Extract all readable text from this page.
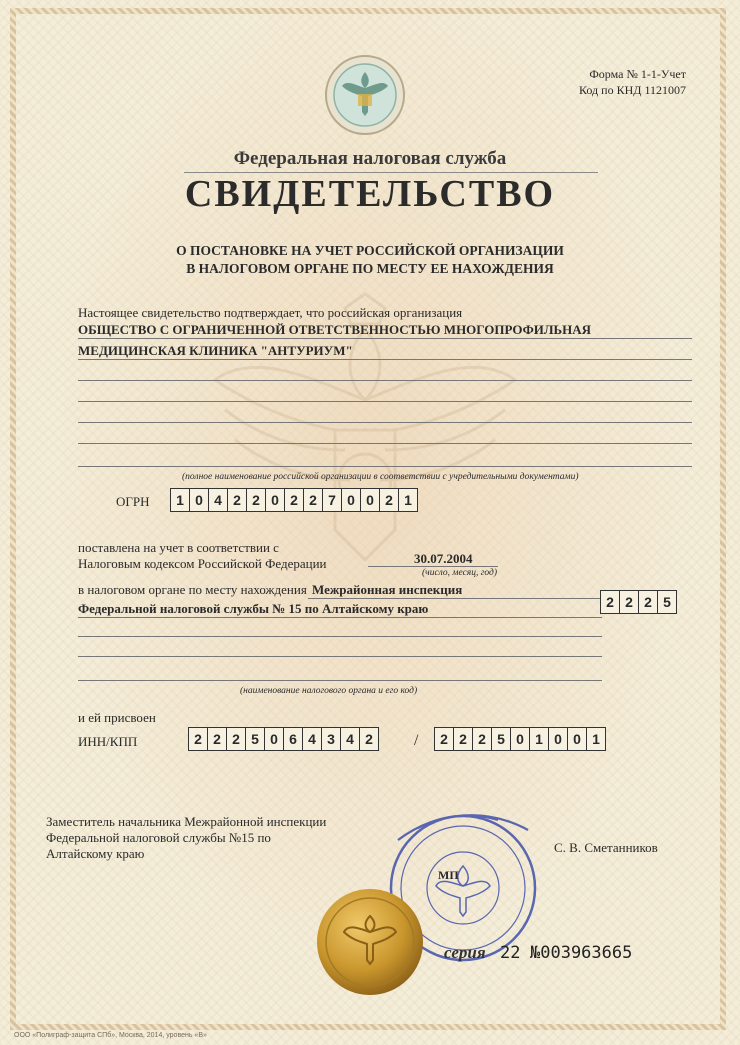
Форма № 1-1-Учет
Код по КНД 1121007
Федеральная налоговая служба
СВИДЕТЕЛЬСТВО
О ПОСТАНОВКЕ НА УЧЕТ РОССИЙСКОЙ ОРГАНИЗАЦИИ
В НАЛОГОВОМ ОРГАНЕ ПО МЕСТУ ЕЕ НАХОЖДЕНИЯ
Настоящее свидетельство подтверждает, что российская организация
ОБЩЕСТВО С ОГРАНИЧЕННОЙ ОТВЕТСТВЕННОСТЬЮ МНОГОПРОФИЛЬНАЯ
МЕДИЦИНСКАЯ КЛИНИКА "АНТУРИУМ"
(полное наименование российской организации в соответствии с учредительными документами)
ОГРН	1 0 4 2 2 0 2 2 7 0 0 2 1
поставлена на учет в соответствии с
Налоговым кодексом Российской Федерации	30.07.2004
(число, месяц, год)
в налоговом органе по месту нахождения Межрайонная инспекция
Федеральной налоговой службы № 15 по Алтайскому краю	2 2 2 5
(наименование налогового органа и его код)
и ей присвоен
ИНН/КПП	2 2 2 5 0 6 4 3 4 2	/	2 2 2 5 0 1 0 0 1
Заместитель начальника Межрайонной инспекции
Федеральной налоговой службы №15 по
Алтайскому краю	С. В. Сметанников
МП
серия 22 №003963665
ООО «Полиграф-защита СПб», Москва, 2014, уровень «В»
